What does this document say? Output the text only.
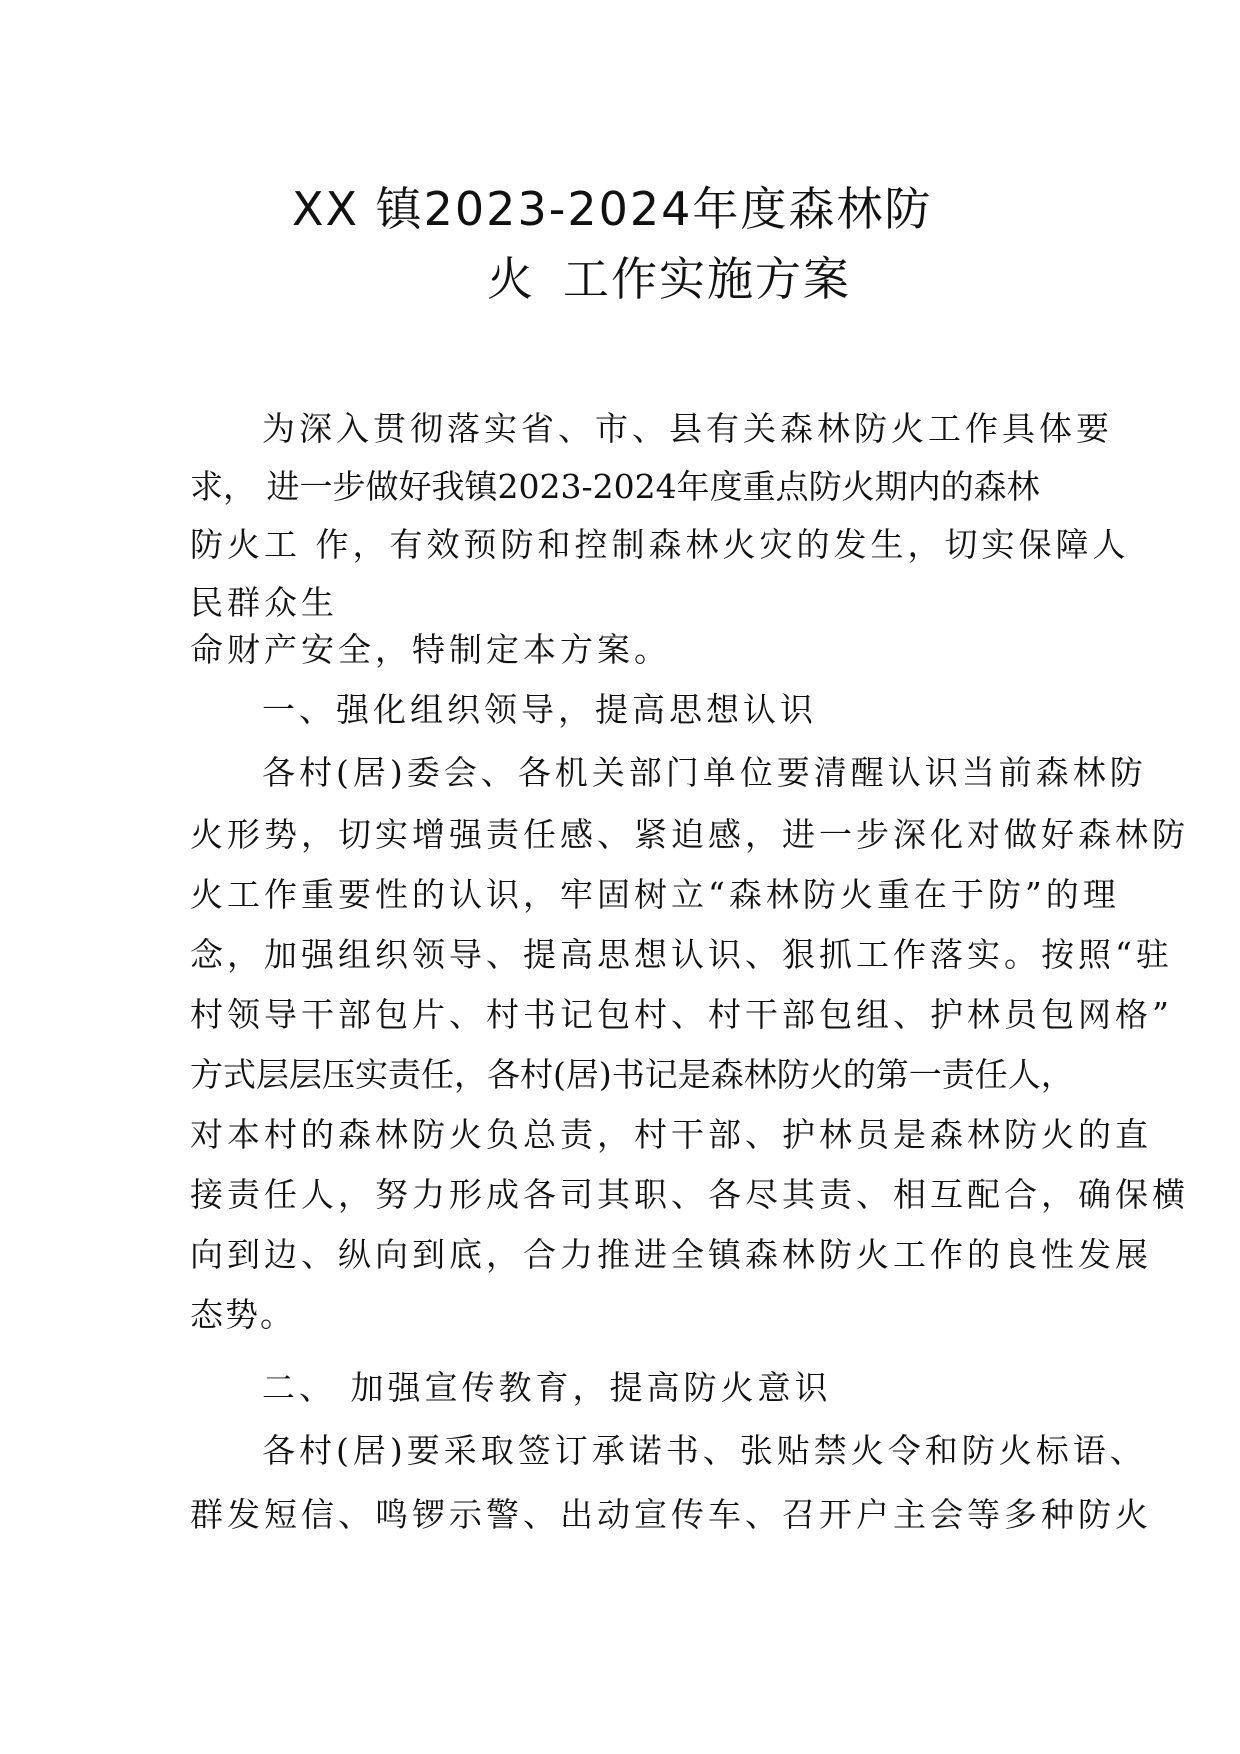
XX 镇2023-2024年度森林防
火 工作实施方案

为深入贯彻落实省、市、县有关森林防火工作具体要

求， 进一步做好我镇2023-2024年度重点防火期内的森林

防火工 作，有效预防和控制森林火灾的发生，切实保障人

民群众生

命财产安全，特制定本方案。

一、强化组织领导，提高思想认识

各村(居)委会、各机关部门单位要清醒认识当前森林防

火形势，切实增强责任感、紧迫感，进一步深化对做好森林防

火工作重要性的认识，牢固树立“森林防火重在于防”的理

念，加强组织领导、提高思想认识、狠抓工作落实。按照“驻

村领导干部包片、村书记包村、村干部包组、护林员包网格”

方式层层压实责任，各村(居)书记是森林防火的第一责任人，

对本村的森林防火负总责，村干部、护林员是森林防火的直

接责任人，努力形成各司其职、各尽其责、相互配合，确保横

向到边、纵向到底，合力推进全镇森林防火工作的良性发展

态势。

二、 加强宣传教育，提高防火意识

各村(居)要采取签订承诺书、张贴禁火令和防火标语、

群发短信、鸣锣示警、出动宣传车、召开户主会等多种防火
